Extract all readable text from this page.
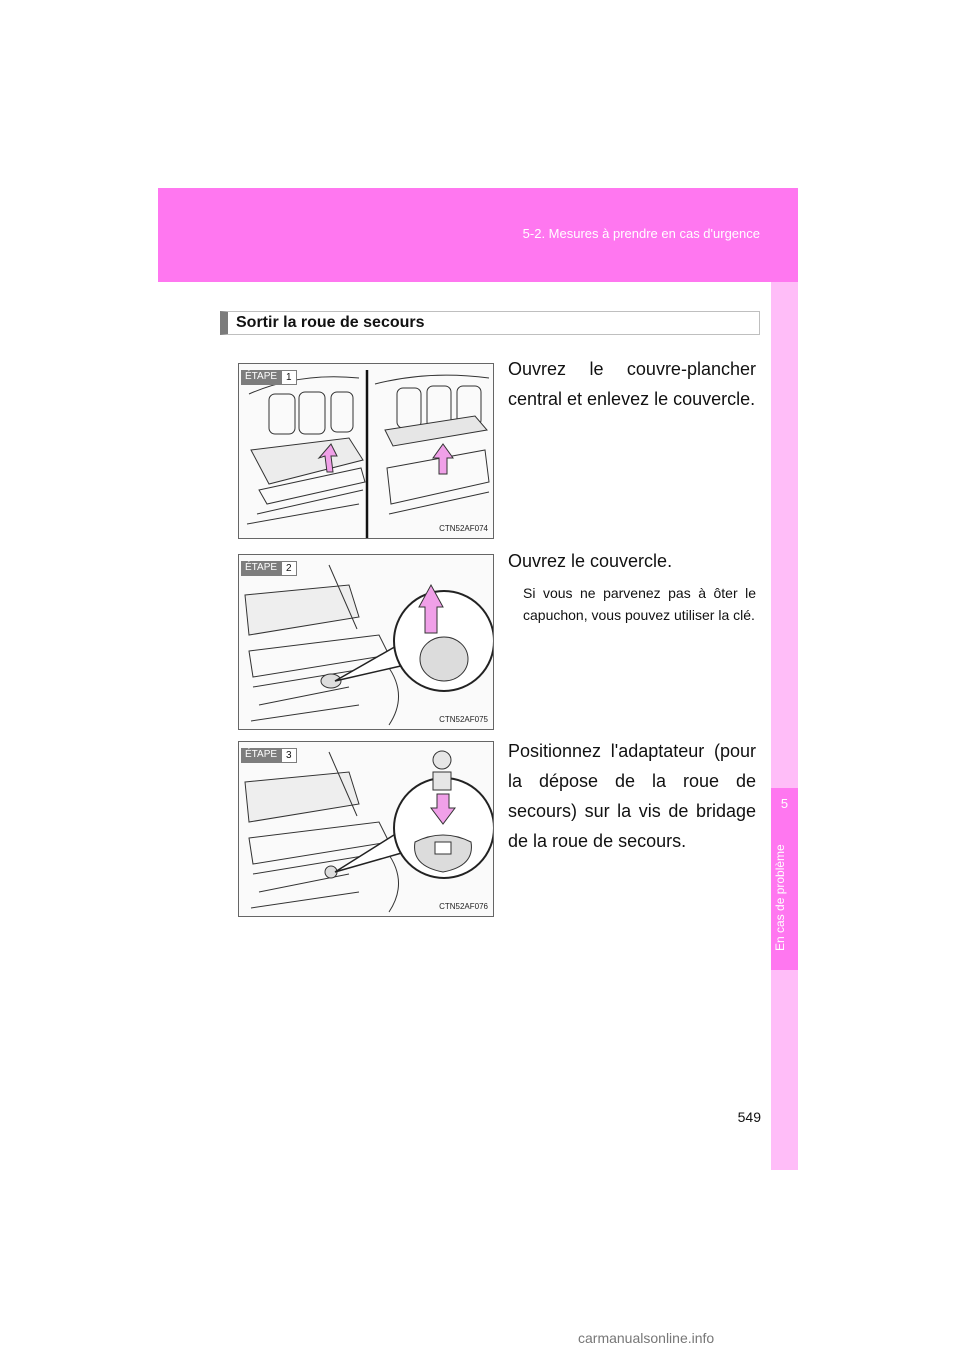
5-2. Mesures à prendre en cas d'urgence
5
En cas de problème
Sortir la roue de secours
ÉTAPE 1
CTN52AF074
ÉTAPE 2
CTN52AF075
ÉTAPE 3
CTN52AF076
Ouvrez le couvre-plancher central et enlevez le couvercle.
Ouvrez le couvercle.
Si vous ne parvenez pas à ôter le capuchon, vous pouvez utiliser la clé.
Positionnez l'adaptateur (pour la dépose de la roue de secours) sur la vis de bridage de la roue de secours.
549
carmanualsonline.info
